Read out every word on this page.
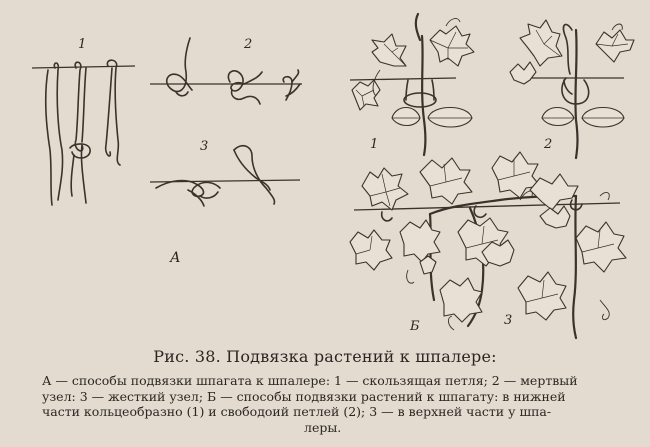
1	2
3
А
1	2
Б	3
Рис. 38. Подвязка растений к шпалере:
А — способы подвязки шпагата к шпалере: 1 — скользящая петля; 2 — мертвый
узел: 3 — жесткий узел; Б — способы подвязки растений к шпагату: в нижней
части кольцеобразно (1) и свободоий петлей (2); 3 — в верхней части у шпа-
леры.
